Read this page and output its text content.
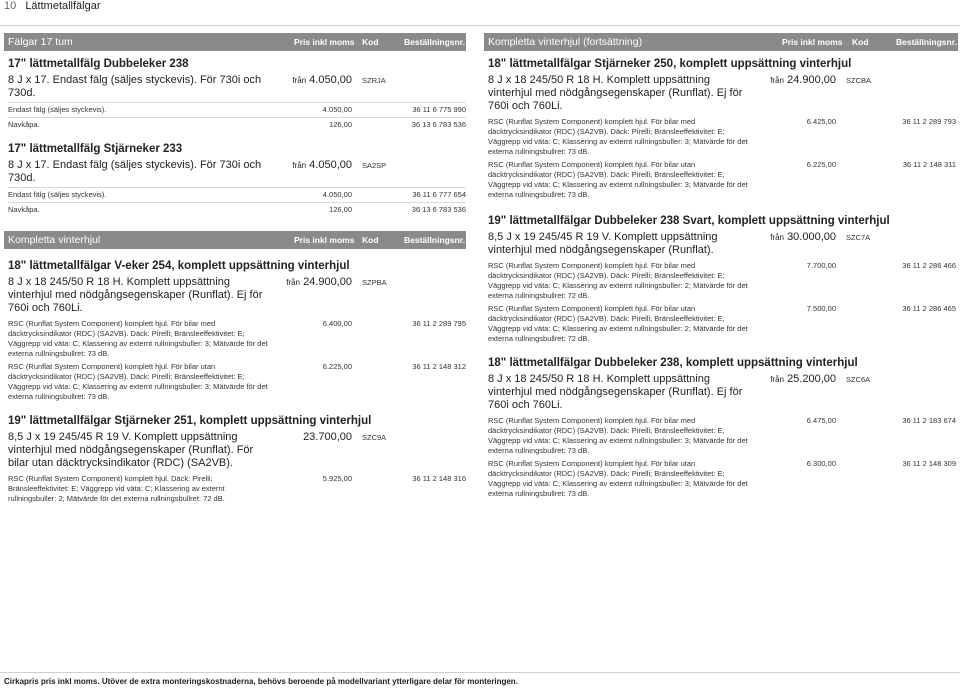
10 Lättmetallfälgar
Fälgar 17 tum	Pris inkl moms Kod	Beställningsnr.
17" lättmetallfälg Dubbeleker 238
8 J x 17. Endast fälg (säljes styckevis). För 730i och 730d.
från 4.050,00	SZRJA
Endast fälg (säljes styckevis).	4.050,00	36 11 6 775 990
Navkåpa.	126,00	36 13 6 783 536
17" lättmetallfälg Stjärneker 233
8 J x 17. Endast fälg (säljes styckevis). För 730i och 730d.
från 4.050,00	SA2SP
Endast fälg (säljes styckevis).	4.050,00	36 11 6 777 654
Navkåpa.	126,00	36 13 6 783 536
Kompletta vinterhjul	Pris inkl moms Kod	Beställningsnr.
18" lättmetallfälgar V-eker 254, komplett uppsättning vinterhjul
8 J x 18 245/50 R 18 H. Komplett uppsättning vinterhjul med nödgångsegenskaper (Runflat). Ej för 760i och 760Li.
från 24.900,00	SZPBA
RSC (Runflat System Component) komplett hjul. För bilar med däcktrycksindikator (RDC) (SA2VB). Däck: Pirelli; Bränsleeffektivitet: E; Väggrepp vid väta: C; Klassering av externt rullningsbuller: 3; Mätvärde för det externa rullningsbullret: 73 dB.
6.400,00	36 11 2 289 795
RSC (Runflat System Component) komplett hjul. För bilar utan däcktrycksindikator (RDC) (SA2VB). Däck: Pirelli; Bränsleeffektivitet: E; Väggrepp vid väta: C; Klassering av externt rullningsbuller: 3; Mätvärde för det externa rullningsbullret: 73 dB.
6.225,00	36 11 2 148 312
19" lättmetallfälgar Stjärneker 251, komplett uppsättning vinterhjul
8,5 J x 19 245/45 R 19 V. Komplett uppsättning vinterhjul med nödgångsegenskaper (Runflat). För bilar utan däcktrycksindikator (RDC) (SA2VB).
23.700,00	SZC9A
RSC (Runflat System Component) komplett hjul. Däck: Pirelli; Bränsleeffektivitet: E; Väggrepp vid väta: C; Klassering av externt rullningsbuller: 2; Mätvärde för det externa rullningsbullret: 72 dB.
5.925,00	36 11 2 148 316
Kompletta vinterhjul (fortsättning)	Pris inkl moms	Kod	Beställningsnr.
18" lättmetallfälgar Stjärneker 250, komplett uppsättning vinterhjul
8 J x 18 245/50 R 18 H. Komplett uppsättning vinterhjul med nödgångsegenskaper (Runflat). Ej för 760i och 760Li.
från 24.900,00	SZCBA
RSC (Runflat System Component) komplett hjul. För bilar med däcktrycksindikator (RDC) (SA2VB). Däck: Pirelli; Bränsleeffektivitet: E; Väggrepp vid väta: C; Klassering av externt rullningsbuller: 3; Mätvärde för det externa rullningsbullret: 73 dB.
6.425,00	36 11 2 289 793
RSC (Runflat System Component) komplett hjul. För bilar utan däcktrycksindikator (RDC) (SA2VB). Däck: Pirelli; Bränsleeffektivitet: E; Väggrepp vid väta: C; Klassering av externt rullningsbuller: 3; Mätvärde för det externa rullningsbullret: 73 dB.
6.225,00	36 11 2 148 311
19" lättmetallfälgar Dubbeleker 238 Svart, komplett uppsättning vinterhjul
8,5 J x 19 245/45 R 19 V. Komplett uppsättning vinterhjul med nödgångsegenskaper (Runflat).
från 30.000,00	SZC7A
RSC (Runflat System Component) komplett hjul. För bilar med däcktrycksindikator (RDC) (SA2VB). Däck: Pirelli; Bränsleeffektivitet: E; Väggrepp vid väta: C; Klassering av externt rullningsbuller: 2; Mätvärde för det externa rullningsbullret: 72 dB.
7.700,00	36 11 2 286 466
RSC (Runflat System Component) komplett hjul. För bilar utan däcktrycksindikator (RDC) (SA2VB). Däck: Pirelli; Bränsleeffektivitet: E; Väggrepp vid väta: C; Klassering av externt rullningsbuller: 2; Mätvärde för det externa rullningsbullret: 72 dB.
7.500,00	36 11 2 286 465
18" lättmetallfälgar Dubbeleker 238, komplett uppsättning vinterhjul
8 J x 18 245/50 R 18 H. Komplett uppsättning vinterhjul med nödgångsegenskaper (Runflat). Ej för 760i och 760Li.
från 25.200,00	SZC6A
RSC (Runflat System Component) komplett hjul. För bilar med däcktrycksindikator (RDC) (SA2VB). Däck: Pirelli; Bränsleeffektivitet: E; Väggrepp vid väta: C; Klassering av externt rullningsbuller: 3; Mätvärde för det externa rullningsbullret: 73 dB.
6.475,00	36 11 2 183 674
RSC (Runflat System Component) komplett hjul. För bilar utan däcktrycksindikator (RDC) (SA2VB). Däck: Pirelli; Bränsleeffektivitet: E; Väggrepp vid väta: C; Klassering av externt rullningsbuller: 3; Mätvärde för det externa rullningsbullret: 73 dB.
6.300,00	36 11 2 148 309
Cirkapris pris inkl moms. Utöver de extra monteringskostnaderna, behövs beroende på modellvariant ytterligare delar för monteringen.
